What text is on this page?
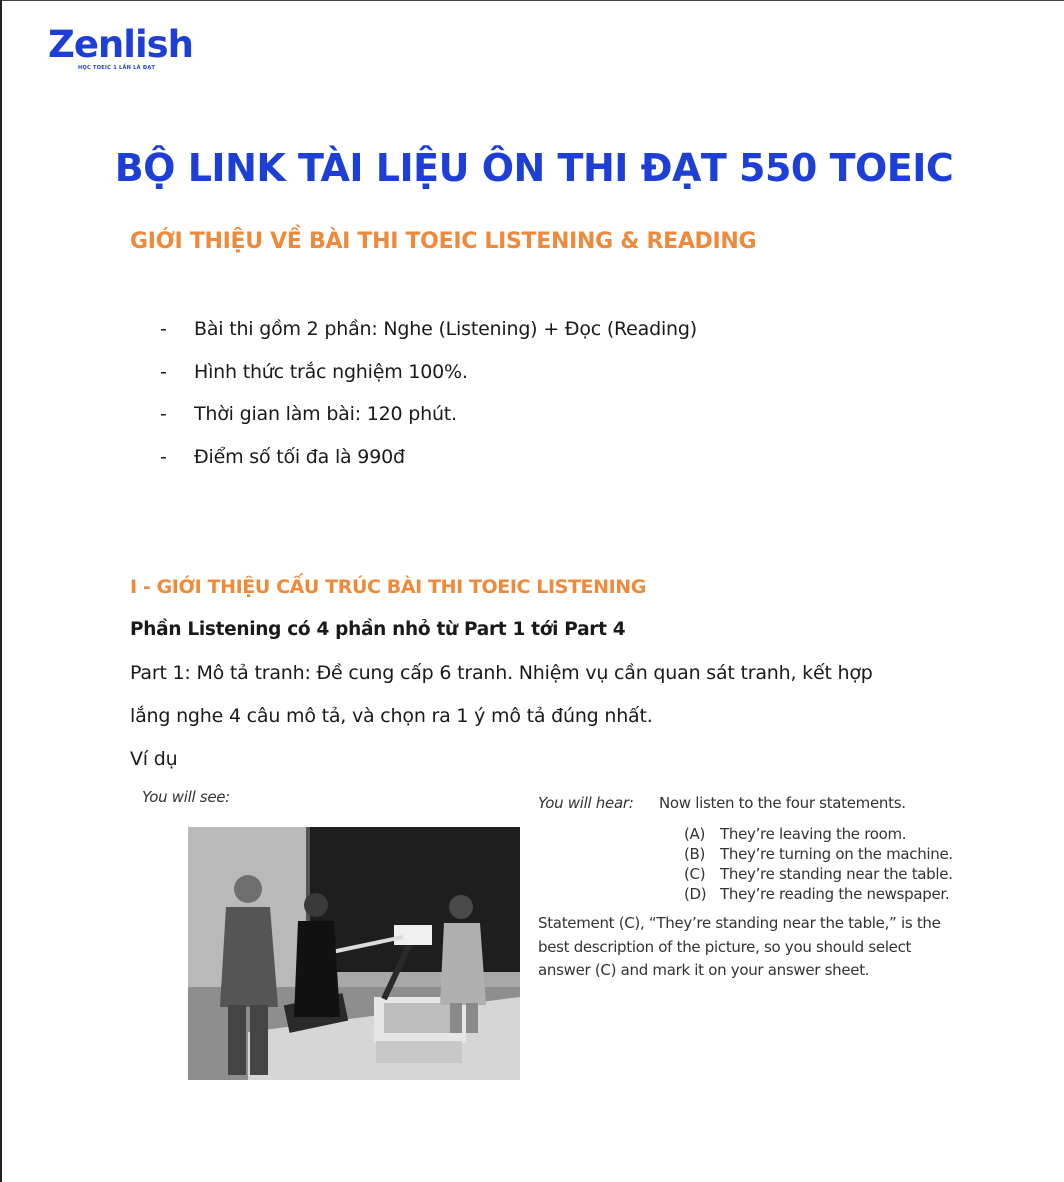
Zenlish
HỌC TOEIC 1 LẦN LÀ ĐẠT
BỘ LINK TÀI LIỆU ÔN THI ĐẠT 550 TOEIC
GIỚI THIỆU VỀ BÀI THI TOEIC LISTENING & READING
-	Bài thi gồm 2 phần: Nghe (Listening) + Đọc (Reading)
-	Hình thức trắc nghiệm 100%.
-	Thời gian làm bài: 120 phút.
-	Điểm số tối đa là 990đ
I - GIỚI THIỆU CẤU TRÚC BÀI THI TOEIC LISTENING
Phần Listening có 4 phần nhỏ từ Part 1 tới Part 4
Part 1: Mô tả tranh: Đề cung cấp 6 tranh. Nhiệm vụ cần quan sát tranh, kết hợp
lắng nghe 4 câu mô tả, và chọn ra 1 ý mô tả đúng nhất.
Ví dụ
You will see:	You will hear: Now listen to the four statements.
(A) They’re leaving the room.
(B) They’re turning on the machine.
(C) They’re standing near the table.
(D) They’re reading the newspaper.
Statement (C), “They’re standing near the table,” is the
best description of the picture, so you should select
answer (C) and mark it on your answer sheet.
